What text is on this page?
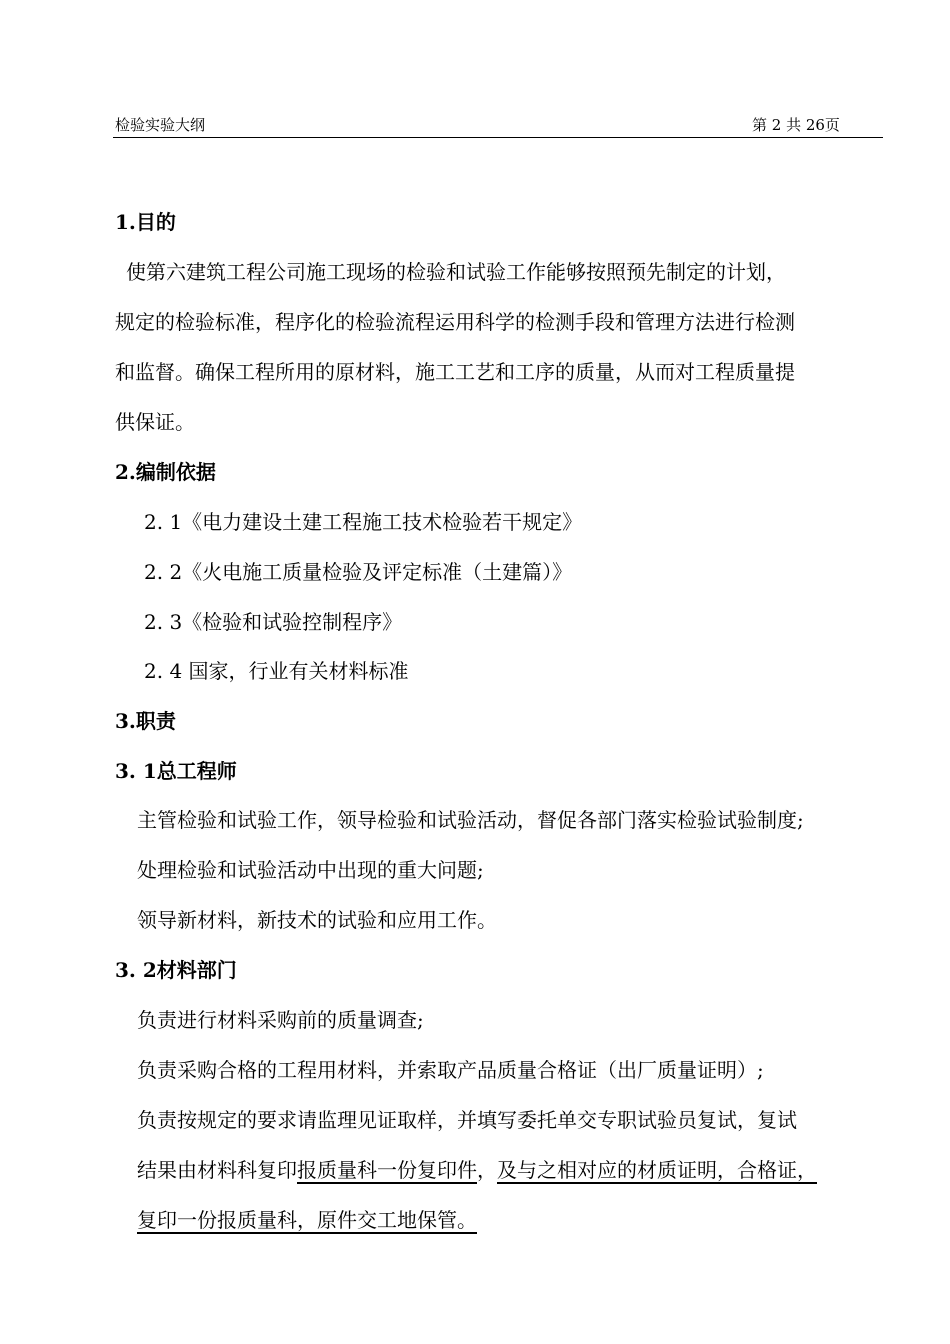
检验实验大纲	第 2 共 26页
1.目的
使第六建筑工程公司施工现场的检验和试验工作能够按照预先制定的计划，
规定的检验标准，程序化的检验流程运用科学的检测手段和管理方法进行检测
和监督。确保工程所用的原材料，施工工艺和工序的质量，从而对工程质量提
供保证。
2.编制依据
2. 1《电力建设土建工程施工技术检验若干规定》
2. 2《火电施工质量检验及评定标准（土建篇）》
2. 3《检验和试验控制程序》
2. 4 国家，行业有关材料标准
3.职责
3. 1总工程师
主管检验和试验工作，领导检验和试验活动，督促各部门落实检验试验制度;
处理检验和试验活动中出现的重大问题;
领导新材料，新技术的试验和应用工作。
3. 2材料部门
负责进行材料采购前的质量调查;
负责采购合格的工程用材料，并索取产品质量合格证（出厂质量证明）;
负责按规定的要求请监理见证取样，并填写委托单交专职试验员复试，复试
结果由材料科复印报质量科一份复印件，及与之相对应的材质证明，合格证，
复印一份报质量科，原件交工地保管。
